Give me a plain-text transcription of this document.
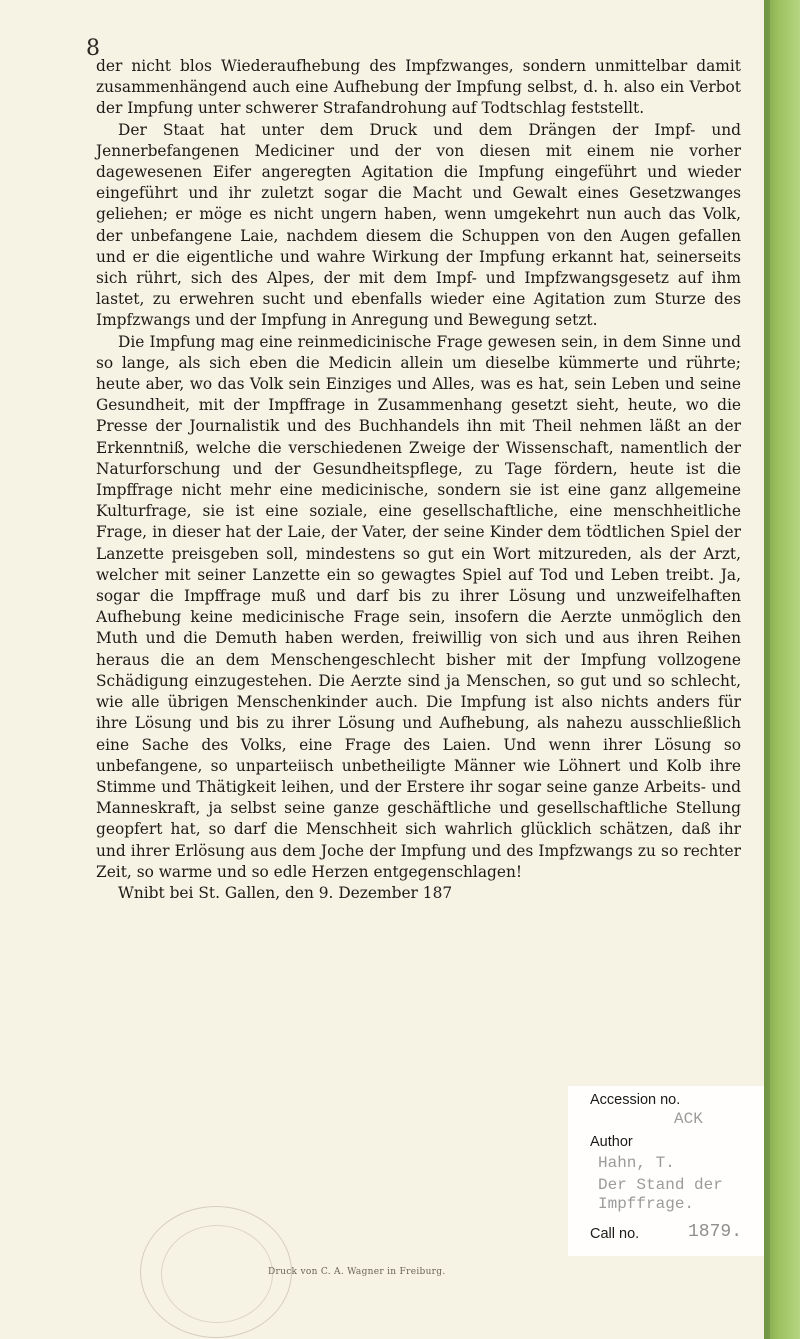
8

der nicht blos Wiederaufhebung des Impfzwanges, sondern unmittelbar damit zusammenhängend auch eine Aufhebung der Impfung selbst, d. h. also ein Verbot der Impfung unter schwerer Strafandrohung auf Todtschlag feststellt.

Der Staat hat unter dem Druck und dem Drängen der Impf- und Jennerbefangenen Mediciner und der von diesen mit einem nie vorher dagewesenen Eifer angeregten Agitation die Impfung eingeführt und wieder eingeführt und ihr zuletzt sogar die Macht und Gewalt eines Gesetzwanges geliehen; er möge es nicht ungern haben, wenn umgekehrt nun auch das Volk, der unbefangene Laie, nachdem diesem die Schuppen von den Augen gefallen und er die eigentliche und wahre Wirkung der Impfung erkannt hat, seinerseits sich rührt, sich des Alpes, der mit dem Impf- und Impfzwangsgesetz auf ihm lastet, zu erwehren sucht und ebenfalls wieder eine Agitation zum Sturze des Impfzwangs und der Impfung in Anregung und Bewegung setzt.

Die Impfung mag eine reinmedicinische Frage gewesen sein, in dem Sinne und so lange, als sich eben die Medicin allein um dieselbe kümmerte und rührte; heute aber, wo das Volk sein Einziges und Alles, was es hat, sein Leben und seine Gesundheit, mit der Impffrage in Zusammenhang gesetzt sieht, heute, wo die Presse der Journalistik und des Buchhandels ihn mit Theil nehmen läßt an der Erkenntniß, welche die verschiedenen Zweige der Wissenschaft, namentlich der Naturforschung und der Gesundheitspflege, zu Tage fördern, heute ist die Impffrage nicht mehr eine medicinische, sondern sie ist eine ganz allgemeine Kulturfrage, sie ist eine soziale, eine gesellschaftliche, eine menschheitliche Frage, in dieser hat der Laie, der Vater, der seine Kinder dem tödtlichen Spiel der Lanzette preisgeben soll, mindestens so gut ein Wort mitzureden, als der Arzt, welcher mit seiner Lanzette ein so gewagtes Spiel auf Tod und Leben treibt. Ja, sogar die Impffrage muß und darf bis zu ihrer Lösung und unzweifelhaften Aufhebung keine medicinische Frage sein, insofern die Aerzte unmöglich den Muth und die Demuth haben werden, freiwillig von sich und aus ihren Reihen heraus die an dem Menschengeschlecht bisher mit der Impfung vollzogene Schädigung einzugestehen. Die Aerzte sind ja Menschen, so gut und so schlecht, wie alle übrigen Menschenkinder auch. Die Impfung ist also nichts anders für ihre Lösung und bis zu ihrer Lösung und Aufhebung, als nahezu ausschließlich eine Sache des Volks, eine Frage des Laien. Und wenn ihrer Lösung so unbefangene, so unparteiisch unbetheiligte Männer wie Löhnert und Kolb ihre Stimme und Thätigkeit leihen, und der Erstere ihr sogar seine ganze Arbeits- und Manneskraft, ja selbst seine ganze geschäftliche und gesellschaftliche Stellung geopfert hat, so darf die Menschheit sich wahrlich glücklich schätzen, daß ihr und ihrer Erlösung aus dem Joche der Impfung und des Impfzwangs zu so rechter Zeit, so warme und so edle Herzen entgegenschlagen!

Wnibt bei St. Gallen, den 9. Dezember 187

Druck von C. A. Wagner in Freiburg.
Accession no.
ACK
Author
Hahn, T.
Der Stand der Impffrage.
Call no.	1879.
